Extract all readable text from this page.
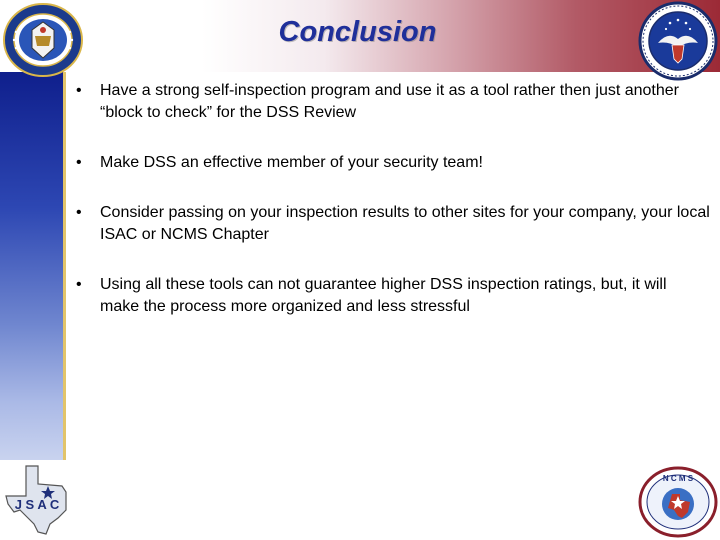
Conclusion
• Have a strong self-inspection program and use it as a tool rather then just another “block to check” for the DSS Review
• Make DSS an effective member of your security team!
• Consider passing on your inspection results to other sites for your company, your local ISAC or NCMS Chapter
• Using all these tools can not guarantee higher DSS inspection ratings, but, it will make the process more organized and less stressful
J S A C
N C M S
